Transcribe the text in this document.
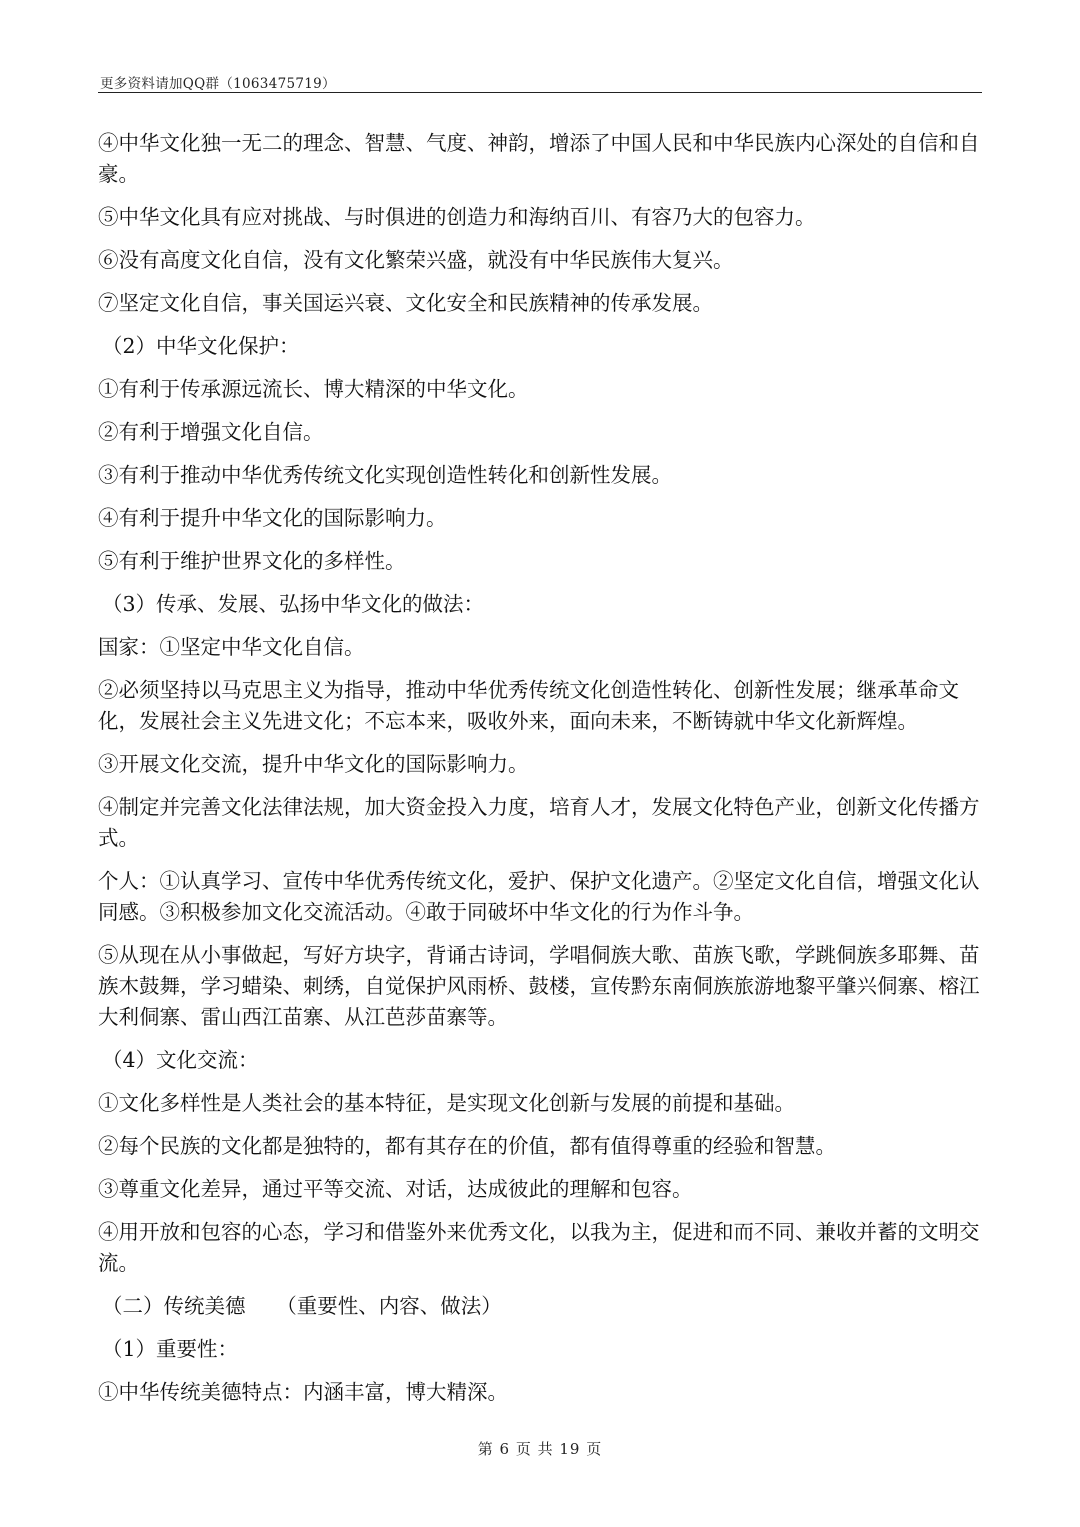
更多资料请加QQ群（1063475719）

④中华文化独一无二的理念、智慧、气度、神韵，增添了中国人民和中华民族内心深处的自信和自豪。

⑤中华文化具有应对挑战、与时俱进的创造力和海纳百川、有容乃大的包容力。

⑥没有高度文化自信，没有文化繁荣兴盛，就没有中华民族伟大复兴。

⑦坚定文化自信，事关国运兴衰、文化安全和民族精神的传承发展。

（2）中华文化保护：

①有利于传承源远流长、博大精深的中华文化。

②有利于增强文化自信。

③有利于推动中华优秀传统文化实现创造性转化和创新性发展。

④有利于提升中华文化的国际影响力。

⑤有利于维护世界文化的多样性。

（3）传承、发展、弘扬中华文化的做法：

国家：①坚定中华文化自信。

②必须坚持以马克思主义为指导，推动中华优秀传统文化创造性转化、创新性发展；继承革命文化，发展社会主义先进文化；不忘本来，吸收外来，面向未来，不断铸就中华文化新辉煌。

③开展文化交流，提升中华文化的国际影响力。

④制定并完善文化法律法规，加大资金投入力度，培育人才，发展文化特色产业，创新文化传播方式。

个人：①认真学习、宣传中华优秀传统文化，爱护、保护文化遗产。②坚定文化自信，增强文化认同感。③积极参加文化交流活动。④敢于同破坏中华文化的行为作斗争。

⑤从现在从小事做起，写好方块字，背诵古诗词，学唱侗族大歌、苗族飞歌，学跳侗族多耶舞、苗族木鼓舞，学习蜡染、刺绣，自觉保护风雨桥、鼓楼，宣传黔东南侗族旅游地黎平肇兴侗寨、榕江大利侗寨、雷山西江苗寨、从江芭莎苗寨等。

（4）文化交流：

①文化多样性是人类社会的基本特征，是实现文化创新与发展的前提和基础。

②每个民族的文化都是独特的，都有其存在的价值，都有值得尊重的经验和智慧。

③尊重文化差异，通过平等交流、对话，达成彼此的理解和包容。

④用开放和包容的心态，学习和借鉴外来优秀文化，以我为主，促进和而不同、兼收并蓄的文明交流。

（二）传统美德　　（重要性、内容、做法）

（1）重要性：

①中华传统美德特点：内涵丰富，博大精深。

第 6 页 共 19 页
